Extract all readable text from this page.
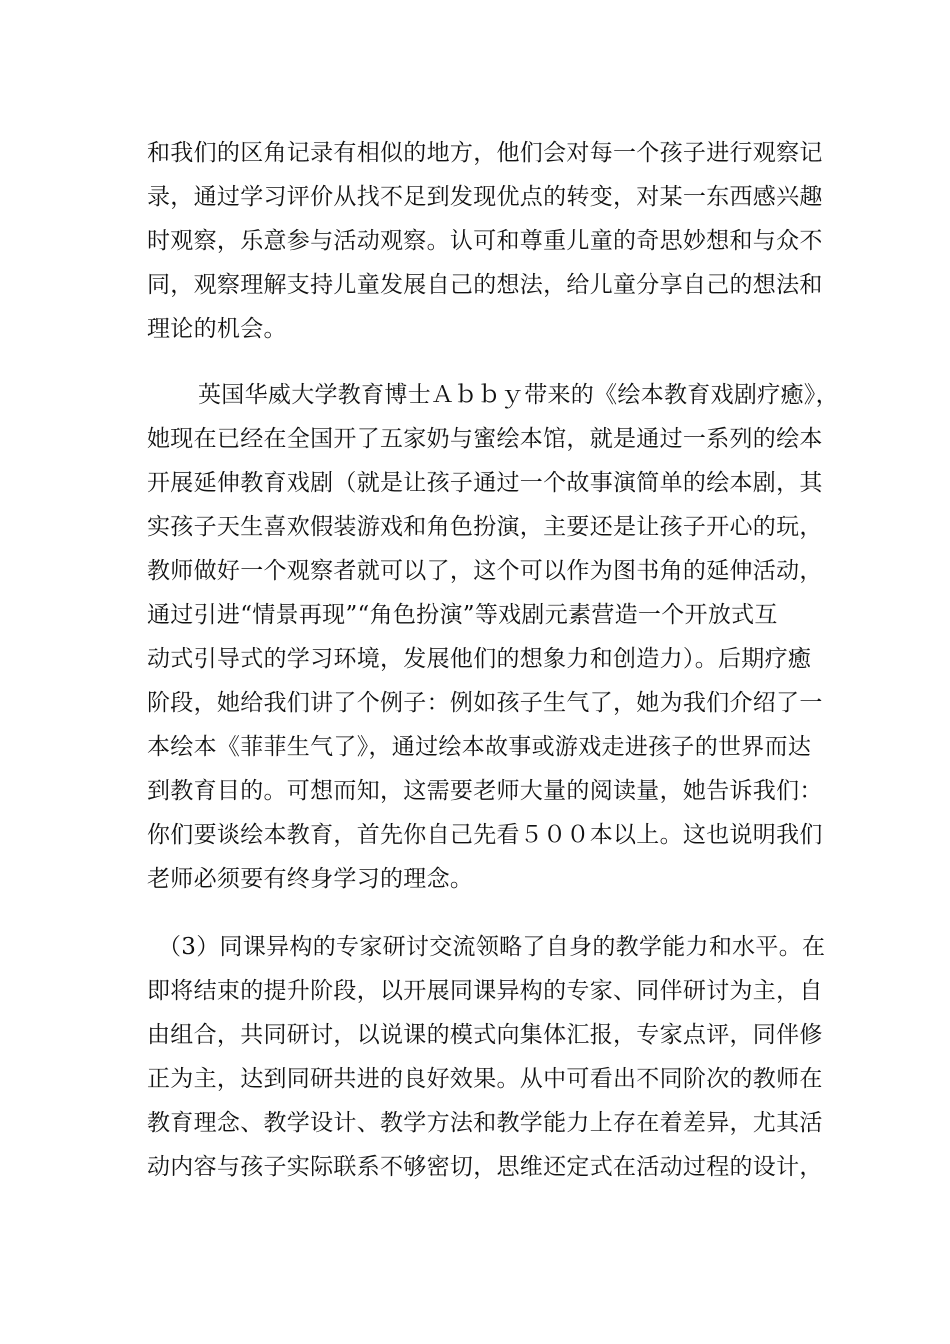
和我们的区角记录有相似的地方，他们会对每一个孩子进行观察记
录，通过学习评价从找不足到发现优点的转变，对某一东西感兴趣
时观察，乐意参与活动观察。认可和尊重儿童的奇思妙想和与众不
同，观察理解支持儿童发展自己的想法，给儿童分享自己的想法和
理论的机会。
英国华威大学教育博士Ａｂｂｙ带来的《绘本教育戏剧疗癒》，
她现在已经在全国开了五家奶与蜜绘本馆，就是通过一系列的绘本
开展延伸教育戏剧（就是让孩子通过一个故事演简单的绘本剧，其
实孩子天生喜欢假装游戏和角色扮演，主要还是让孩子开心的玩，
教师做好一个观察者就可以了，这个可以作为图书角的延伸活动，
通过引进“情景再现”“角色扮演”等戏剧元素营造一个开放式互
动式引导式的学习环境，发展他们的想象力和创造力）。后期疗癒
阶段，她给我们讲了个例子：例如孩子生气了，她为我们介绍了一
本绘本《菲菲生气了》，通过绘本故事或游戏走进孩子的世界而达
到教育目的。可想而知，这需要老师大量的阅读量，她告诉我们：
你们要谈绘本教育，首先你自己先看５００本以上。这也说明我们
老师必须要有终身学习的理念。
（3）同课异构的专家研讨交流领略了自身的教学能力和水平。在
即将结束的提升阶段，以开展同课异构的专家、同伴研讨为主，自
由组合，共同研讨，以说课的模式向集体汇报，专家点评，同伴修
正为主，达到同研共进的良好效果。从中可看出不同阶次的教师在
教育理念、教学设计、教学方法和教学能力上存在着差异，尤其活
动内容与孩子实际联系不够密切，思维还定式在活动过程的设计，
